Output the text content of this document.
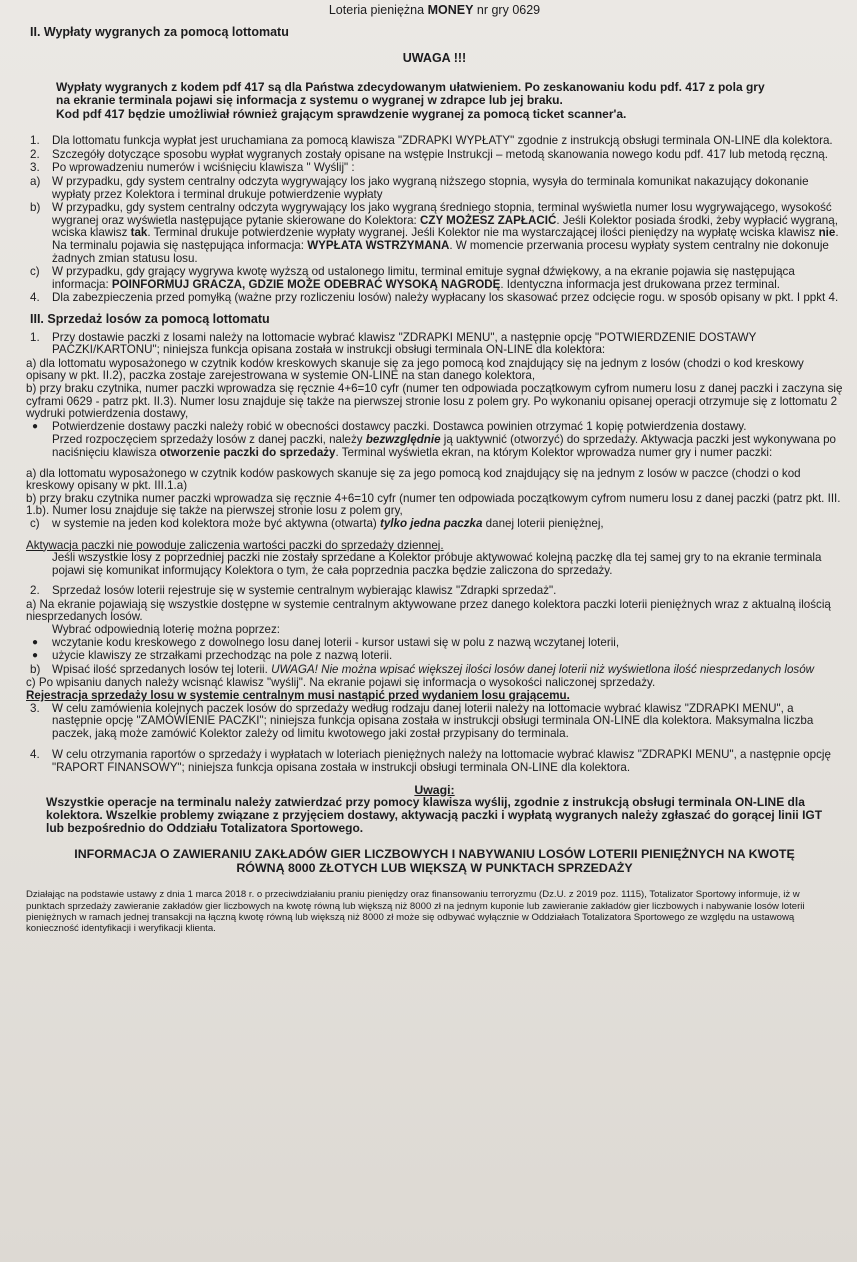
Loteria pieniężna MONEY nr gry 0629
II. Wypłaty wygranych za pomocą lottomatu
UWAGA !!!
Wypłaty wygranych z kodem pdf 417 są dla Państwa zdecydowanym ułatwieniem. Po zeskanowaniu kodu pdf. 417 z pola gry
na ekranie terminala pojawi się informacja z systemu o wygranej w zdrapce lub jej braku.
Kod pdf 417 będzie umożliwiał również grającym sprawdzenie wygranej za pomocą ticket scanner'a.
1.	Dla lottomatu funkcja wypłat jest uruchamiana za pomocą klawisza "ZDRAPKI WYPŁATY" zgodnie z instrukcją obsługi terminala ON-LINE dla kolektora.
2.	Szczegóły dotyczące sposobu wypłat wygranych zostały opisane na wstępie Instrukcji – metodą skanowania nowego kodu pdf. 417 lub metodą ręczną.
3.	Po wprowadzeniu numerów i wciśnięciu klawisza " Wyślij" :
a)	W przypadku, gdy system centralny odczyta wygrywający los jako wygraną niższego stopnia, wysyła do terminala komunikat nakazujący dokonanie wypłaty przez Kolektora i terminal drukuje potwierdzenie wypłaty
b)	W przypadku, gdy system centralny odczyta wygrywający los jako wygraną średniego stopnia, terminal wyświetla numer losu wygrywającego, wysokość wygranej oraz wyświetla następujące pytanie skierowane do Kolektora: CZY MOŻESZ ZAPŁACIĆ. Jeśli Kolektor posiada środki, żeby wypłacić wygraną, wciska klawisz tak. Terminal drukuje potwierdzenie wypłaty wygranej. Jeśli Kolektor nie ma wystarczającej ilości pieniędzy na wypłatę wciska klawisz nie. Na terminalu pojawia się następująca informacja: WYPŁATA WSTRZYMANA. W momencie przerwania procesu wypłaty system centralny nie dokonuje żadnych zmian statusu losu.
c)	W przypadku, gdy grający wygrywa kwotę wyższą od ustalonego limitu, terminal emituje sygnał dźwiękowy, a na ekranie pojawia się następująca informacja: POINFORMUJ GRACZA, GDZIE MOŻE ODEBRAĆ WYSOKĄ NAGRODĘ. Identyczna informacja jest drukowana przez terminal.
4.	Dla zabezpieczenia przed pomyłką (ważne przy rozliczeniu losów) należy wypłacany los skasować przez odcięcie rogu. w sposób opisany w pkt. I ppkt 4.
III. Sprzedaż losów za pomocą lottomatu
1.	Przy dostawie paczki z losami należy na lottomacie wybrać klawisz "ZDRAPKI MENU", a następnie opcję "POTWIERDZENIE DOSTAWY PACZKI/KARTONU"; niniejsza funkcja opisana została w instrukcji obsługi terminala ON-LINE dla kolektora:
a) dla lottomatu wyposażonego w czytnik kodów kreskowych skanuje się za jego pomocą kod znajdujący się na jednym z losów (chodzi o kod kreskowy opisany w pkt. II.2), paczka zostaje zarejestrowana w systemie ON-LINE na stan danego kolektora,
b) przy braku czytnika, numer paczki wprowadza się ręcznie 4+6=10 cyfr (numer ten odpowiada początkowym cyfrom numeru losu z danej paczki i zaczyna się cyframi 0629 - patrz pkt. II.3). Numer losu znajduje się także na pierwszej stronie losu z polem gry. Po wykonaniu opisanej operacji otrzymuje się z lottomatu 2 wydruki potwierdzenia dostawy,
●	Potwierdzenie dostawy paczki należy robić w obecności dostawcy paczki. Dostawca powinien otrzymać 1 kopię potwierdzenia dostawy.
Przed rozpoczęciem sprzedaży losów z danej paczki, należy bezwzględnie ją uaktywnić (otworzyć) do sprzedaży. Aktywacja paczki jest wykonywana po naciśnięciu klawisza otworzenie paczki do sprzedaży. Terminal wyświetla ekran, na którym Kolektor wprowadza numer gry i numer paczki:
a) dla lottomatu wyposażonego w czytnik kodów paskowych skanuje się za jego pomocą kod znajdujący się na jednym z losów w paczce (chodzi o kod kreskowy opisany w pkt. III.1.a)
b) przy braku czytnika numer paczki wprowadza się ręcznie 4+6=10 cyfr (numer ten odpowiada początkowym cyfrom numeru losu z danej paczki (patrz pkt. III. 1.b). Numer losu znajduje się także na pierwszej stronie losu z polem gry,
c)	w systemie na jeden kod kolektora może być aktywna (otwarta) tylko jedna paczka danej loterii pieniężnej,
Aktywacja paczki nie powoduje zaliczenia wartości paczki do sprzedaży dziennej.
Jeśli wszystkie losy z poprzedniej paczki nie zostały sprzedane a Kolektor próbuje aktywować kolejną paczkę dla tej samej gry to na ekranie terminala pojawi się komunikat informujący Kolektora o tym, że cała poprzednia paczka będzie zaliczona do sprzedaży.
2.	Sprzedaż losów loterii rejestruje się w systemie centralnym wybierając klawisz "Zdrapki sprzedaż".
a) Na ekranie pojawiają się wszystkie dostępne w systemie centralnym aktywowane przez danego kolektora paczki loterii pieniężnych wraz z aktualną ilością niesprzedanych losów.
Wybrać odpowiednią loterię można poprzez:
●	wczytanie kodu kreskowego z dowolnego losu danej loterii - kursor ustawi się w polu z nazwą wczytanej loterii,
●	użycie klawiszy ze strzałkami przechodząc na pole z nazwą loterii.
b)	Wpisać ilość sprzedanych losów tej loterii. UWAGA! Nie można wpisać większej ilości losów danej loterii niż wyświetlona ilość niesprzedanych losów
c) Po wpisaniu danych należy wcisnąć klawisz "wyślij". Na ekranie pojawi się informacja o wysokości naliczonej sprzedaży.
Rejestracja sprzedaży losu w systemie centralnym musi nastąpić przed wydaniem losu grającemu.
3.	W celu zamówienia kolejnych paczek losów do sprzedaży według rodzaju danej loterii należy na lottomacie wybrać klawisz "ZDRAPKI MENU", a następnie opcję "ZAMÓWIENIE PACZKI"; niniejsza funkcja opisana została w instrukcji obsługi terminala ON-LINE dla kolektora. Maksymalna liczba paczek, jaką może zamówić Kolektor zależy od limitu kwotowego jaki został przypisany do terminala.
4.	W celu otrzymania raportów o sprzedaży i wypłatach w loteriach pieniężnych należy na lottomacie wybrać klawisz "ZDRAPKI MENU", a następnie opcję "RAPORT FINANSOWY"; niniejsza funkcja opisana została w instrukcji obsługi terminala ON-LINE dla kolektora.
Uwagi:
Wszystkie operacje na terminalu należy zatwierdzać przy pomocy klawisza wyślij, zgodnie z instrukcją obsługi terminala ON-LINE dla kolektora. Wszelkie problemy związane z przyjęciem dostawy, aktywacją paczki i wypłatą wygranych należy zgłaszać do gorącej linii IGT lub bezpośrednio do Oddziału Totalizatora Sportowego.
INFORMACJA O ZAWIERANIU ZAKŁADÓW GIER LICZBOWYCH I NABYWANIU LOSÓW LOTERII PIENIĘŻNYCH NA KWOTĘ
RÓWNĄ 8000 ZŁOTYCH LUB WIĘKSZĄ W PUNKTACH SPRZEDAŻY
Działając na podstawie ustawy z dnia 1 marca 2018 r. o przeciwdziałaniu praniu pieniędzy oraz finansowaniu terroryzmu (Dz.U. z 2019 poz. 1115), Totalizator Sportowy informuje, iż w punktach sprzedaży zawieranie zakładów gier liczbowych na kwotę równą lub większą niż 8000 zł na jednym kuponie lub zawieranie zakładów gier liczbowych i nabywanie losów loterii pieniężnych w ramach jednej transakcji na łączną kwotę równą lub większą niż 8000 zł może się odbywać wyłącznie w Oddziałach Totalizatora Sportowego ze względu na ustawową konieczność identyfikacji i weryfikacji klienta.
